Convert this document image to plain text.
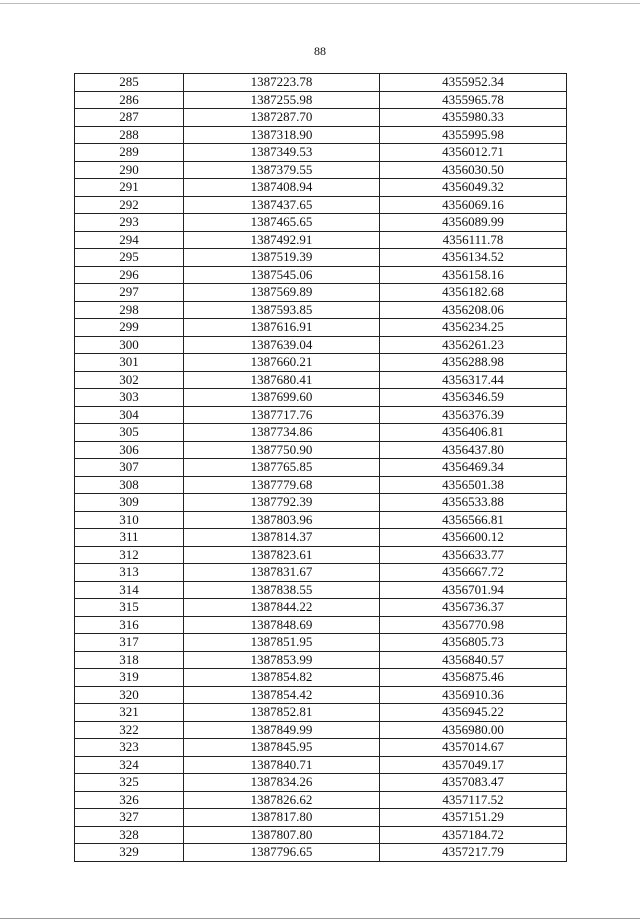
88
285	1387223.78	4355952.34
286	1387255.98	4355965.78
287	1387287.70	4355980.33
288	1387318.90	4355995.98
289	1387349.53	4356012.71
290	1387379.55	4356030.50
291	1387408.94	4356049.32
292	1387437.65	4356069.16
293	1387465.65	4356089.99
294	1387492.91	4356111.78
295	1387519.39	4356134.52
296	1387545.06	4356158.16
297	1387569.89	4356182.68
298	1387593.85	4356208.06
299	1387616.91	4356234.25
300	1387639.04	4356261.23
301	1387660.21	4356288.98
302	1387680.41	4356317.44
303	1387699.60	4356346.59
304	1387717.76	4356376.39
305	1387734.86	4356406.81
306	1387750.90	4356437.80
307	1387765.85	4356469.34
308	1387779.68	4356501.38
309	1387792.39	4356533.88
310	1387803.96	4356566.81
311	1387814.37	4356600.12
312	1387823.61	4356633.77
313	1387831.67	4356667.72
314	1387838.55	4356701.94
315	1387844.22	4356736.37
316	1387848.69	4356770.98
317	1387851.95	4356805.73
318	1387853.99	4356840.57
319	1387854.82	4356875.46
320	1387854.42	4356910.36
321	1387852.81	4356945.22
322	1387849.99	4356980.00
323	1387845.95	4357014.67
324	1387840.71	4357049.17
325	1387834.26	4357083.47
326	1387826.62	4357117.52
327	1387817.80	4357151.29
328	1387807.80	4357184.72
329	1387796.65	4357217.79
